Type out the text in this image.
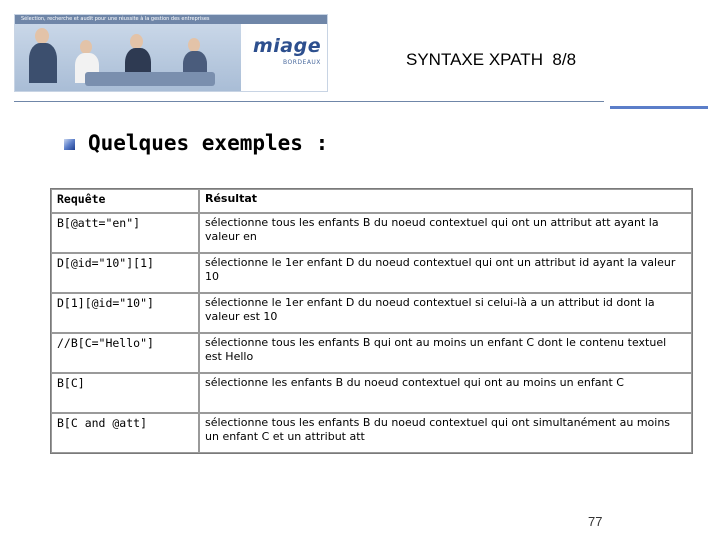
Sélection, recherche et audit pour une réussite à la gestion des entreprises
miage
BORDEAUX	SYNTAXE XPATH  8/8
Quelques exemples :
Requête	Résultat
B[@att="en"]	sélectionne tous les enfants B du noeud contextuel qui ont un attribut att ayant la valeur en
D[@id="10"][1]	sélectionne le 1er enfant D du noeud contextuel qui ont un attribut id ayant la valeur 10
D[1][@id="10"]	sélectionne le 1er enfant D du noeud contextuel si celui-là a un attribut id dont la valeur est 10
//B[C="Hello"]	sélectionne tous les enfants B qui ont au moins un enfant C dont le contenu textuel est Hello
B[C]	sélectionne les enfants B du noeud contextuel qui ont au moins un enfant C
B[C and @att]	sélectionne tous les enfants B du noeud contextuel qui ont simultanément au moins un enfant C et un attribut att
77
